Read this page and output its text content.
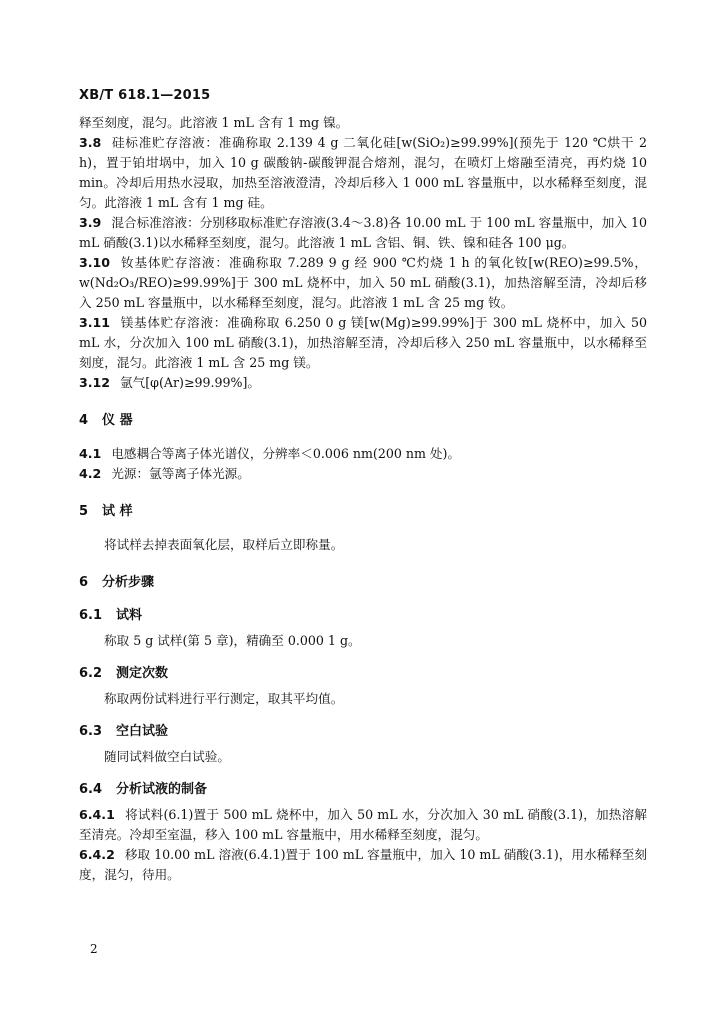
XB/T 618.1—2015

释至刻度，混匀。此溶液 1 mL 含有 1 mg 镍。

3.8 硅标准贮存溶液：准确称取 2.139 4 g 二氧化硅[w(SiO₂)≥99.99%](预先于 120 ℃烘干 2 h)，置于铂坩埚中，加入 10 g 碳酸钠-碳酸钾混合熔剂，混匀，在喷灯上熔融至清亮，再灼烧 10 min。冷却后用热水浸取，加热至溶液澄清，冷却后移入 1 000 mL 容量瓶中，以水稀释至刻度，混匀。此溶液 1 mL 含有 1 mg 硅。

3.9 混合标准溶液：分别移取标准贮存溶液(3.4～3.8)各 10.00 mL 于 100 mL 容量瓶中，加入 10 mL 硝酸(3.1)以水稀释至刻度，混匀。此溶液 1 mL 含铝、铜、铁、镍和硅各 100 μg。

3.10 钕基体贮存溶液：准确称取 7.289 9 g 经 900 ℃灼烧 1 h 的氧化钕[w(REO)≥99.5%，w(Nd₂O₃/REO)≥99.99%]于 300 mL 烧杯中，加入 50 mL 硝酸(3.1)，加热溶解至清，冷却后移入 250 mL 容量瓶中，以水稀释至刻度，混匀。此溶液 1 mL 含 25 mg 钕。

3.11 镁基体贮存溶液：准确称取 6.250 0 g 镁[w(Mg)≥99.99%]于 300 mL 烧杯中，加入 50 mL 水，分次加入 100 mL 硝酸(3.1)，加热溶解至清，冷却后移入 250 mL 容量瓶中，以水稀释至刻度，混匀。此溶液 1 mL 含 25 mg 镁。

3.12 氩气[φ(Ar)≥99.99%]。

4 仪 器

4.1 电感耦合等离子体光谱仪，分辨率＜0.006 nm(200 nm 处)。

4.2 光源：氩等离子体光源。

5 试 样

将试样去掉表面氧化层，取样后立即称量。

6 分析步骤

6.1 试料

称取 5 g 试样(第 5 章)，精确至 0.000 1 g。

6.2 测定次数

称取两份试料进行平行测定，取其平均值。

6.3 空白试验

随同试料做空白试验。

6.4 分析试液的制备

6.4.1 将试料(6.1)置于 500 mL 烧杯中，加入 50 mL 水，分次加入 30 mL 硝酸(3.1)，加热溶解至清亮。冷却至室温，移入 100 mL 容量瓶中，用水稀释至刻度，混匀。

6.4.2 移取 10.00 mL 溶液(6.4.1)置于 100 mL 容量瓶中，加入 10 mL 硝酸(3.1)，用水稀释至刻度，混匀，待用。

2
